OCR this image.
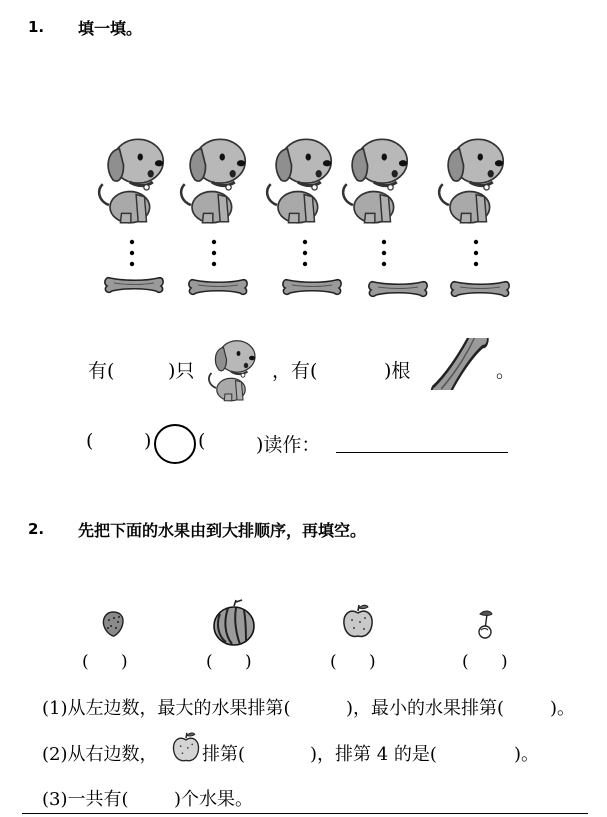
1. 填一填。
有(	)只	，有(	)根	。
(	) (	)读作：
2. 先把下面的水果由到大排顺序，再填空。
(      )	(      )	(      )	(      )
(1)从左边数，最大的水果排第(	)，最小的水果排第(	)。
(2)从右边数， 排第(	)，排第 4 的是(	)。
(3)一共有(	)个水果。
